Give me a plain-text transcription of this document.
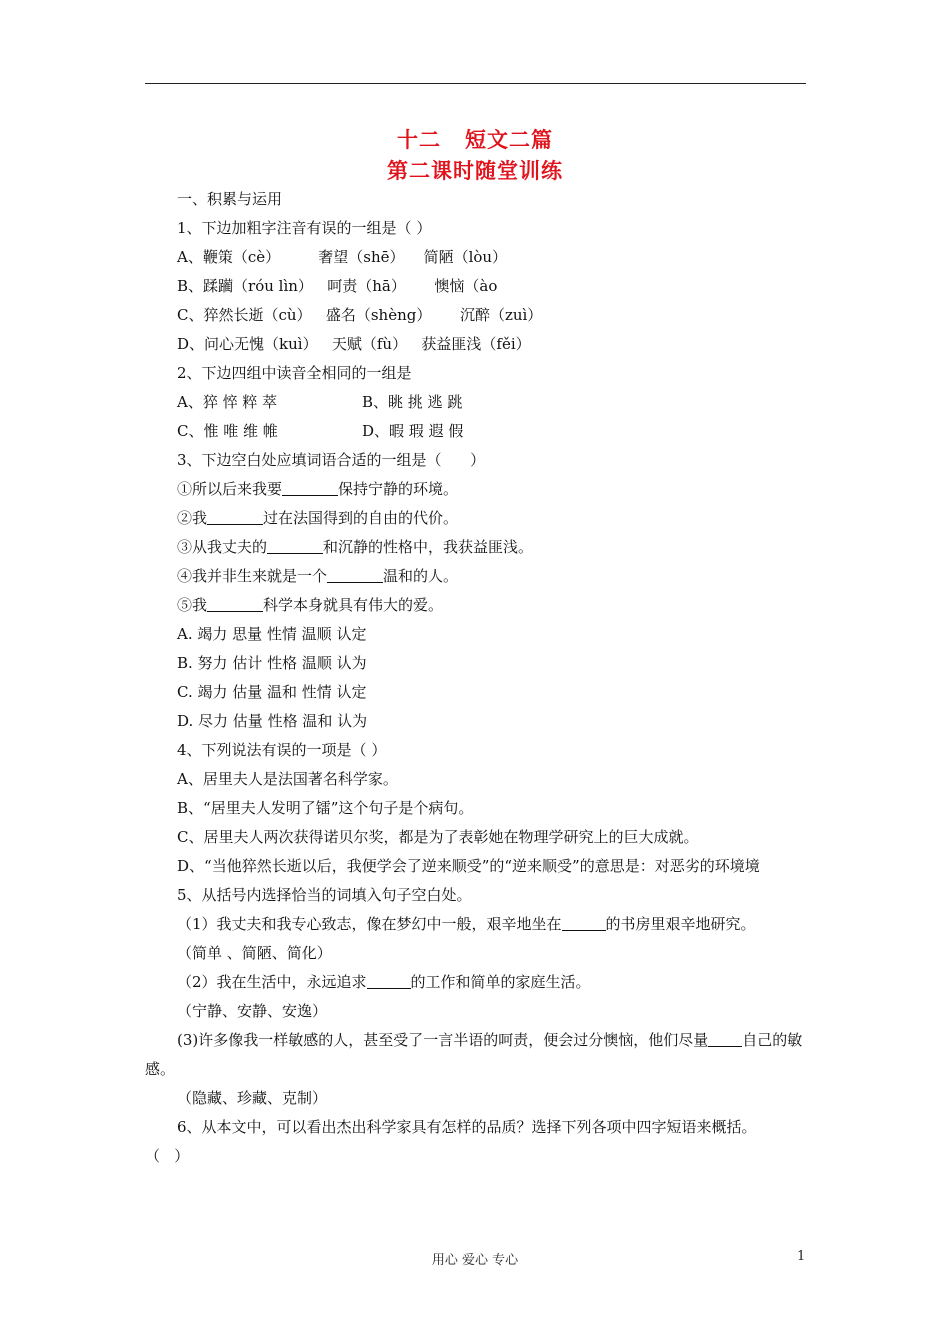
十二 短文二篇
第二课时随堂训练
一、积累与运用
1、下边加粗字注音有误的一组是（ ）
A、鞭策（cè）        奢望（shē）    简陋（lòu）
B、蹂躏（róu lìn）   呵责（hā）      懊恼（ào
C、猝然长逝（cù）   盛名（shèng）      沉醉（zuì）
D、问心无愧（kuì）   天赋（fù）   获益匪浅（fěi）
2、下边四组中读音全相同的一组是
A、猝 悴 粹 萃	B、眺 挑 逃 跳
C、惟 唯 维 帷	D、暇 瑕 遐 假
3、下边空白处应填词语合适的一组是（      ）
①所以后来我要	保持宁静的环境。
②我	过在法国得到的自由的代价。
③从我丈夫的	和沉静的性格中，我获益匪浅。
④我并非生来就是一个	温和的人。
⑤我	科学本身就具有伟大的爱。
A. 竭力 思量 性情 温顺 认定
B. 努力 估计 性格 温顺 认为
C. 竭力 估量 温和 性情 认定
D. 尽力 估量 性格 温和 认为
4、下列说法有误的一项是（ ）
A、居里夫人是法国著名科学家。
B、“居里夫人发明了镭”这个句子是个病句。
C、居里夫人两次获得诺贝尔奖，都是为了表彰她在物理学研究上的巨大成就。
D、“当他猝然长逝以后，我便学会了逆来顺受”的“逆来顺受”的意思是：对恶劣的环境境
5、从括号内选择恰当的词填入句子空白处。
（1）我丈夫和我专心致志，像在梦幻中一般，艰辛地坐在	的书房里艰辛地研究。
（简单 、简陋、简化）
（2）我在生活中，永远追求	的工作和简单的家庭生活。
（宁静、安静、安逸）
(3)许多像我一样敏感的人，甚至受了一言半语的呵责，便会过分懊恼，他们尽量 自己的敏感。
（隐藏、珍藏、克制）
6、从本文中，可以看出杰出科学家具有怎样的品质？选择下列各项中四字短语来概括。
（   ）
用心 爱心 专心	1
